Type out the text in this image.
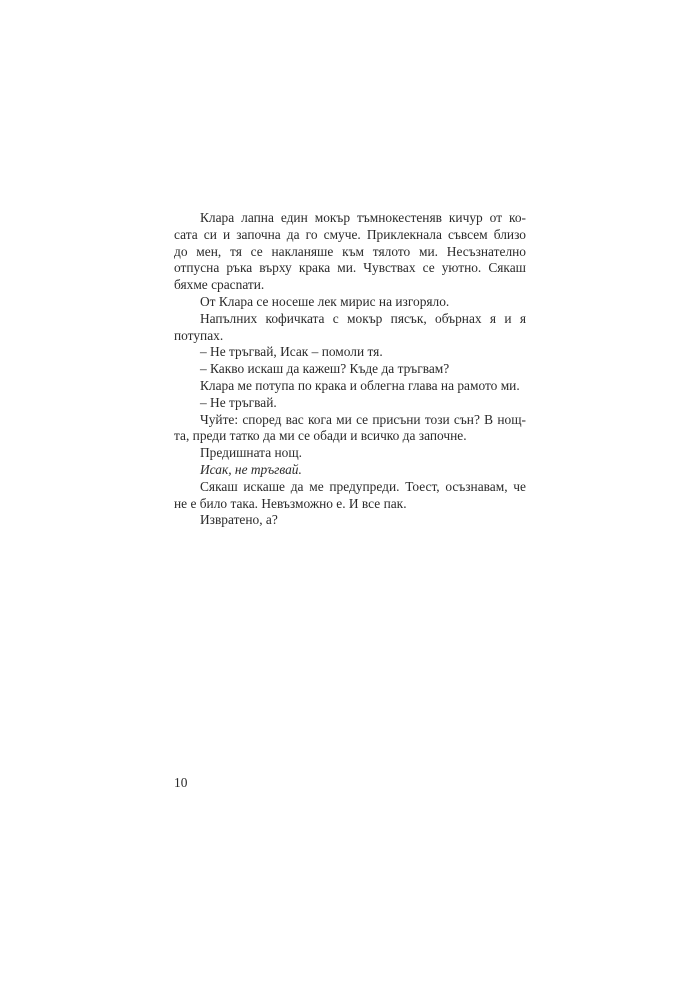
Клара лапна един мокър тъмнокестеняв кичур от ко-
сата си и започна да го смуче. Приклекнала съвсем близо
до мен, тя се накланяше към тялото ми. Несъзнателно
отпусна ръка върху крака ми. Чувствах се уютно. Сякаш
бяхме срасnати.
От Клара се носеше лек мирис на изгоряло.
Напълних кофичката с мокър пясък, обърнах я и я
потупах.
– Не тръгвай, Исак – помоли тя.
– Какво искаш да кажеш? Къде да тръгвам?
Клара ме потупа по крака и облегна глава на рамото ми.
– Не тръгвай.
Чуйте: според вас кога ми се присъни този сън? В нощ-
та, преди татко да ми се обади и всичко да започне.
Предишната нощ.
Исак, не тръгвай.
Сякаш искаше да ме предупреди. Тоест, осъзнавам, че
не е било така. Невъзможно е. И все пак.
Извратено, а?
10
